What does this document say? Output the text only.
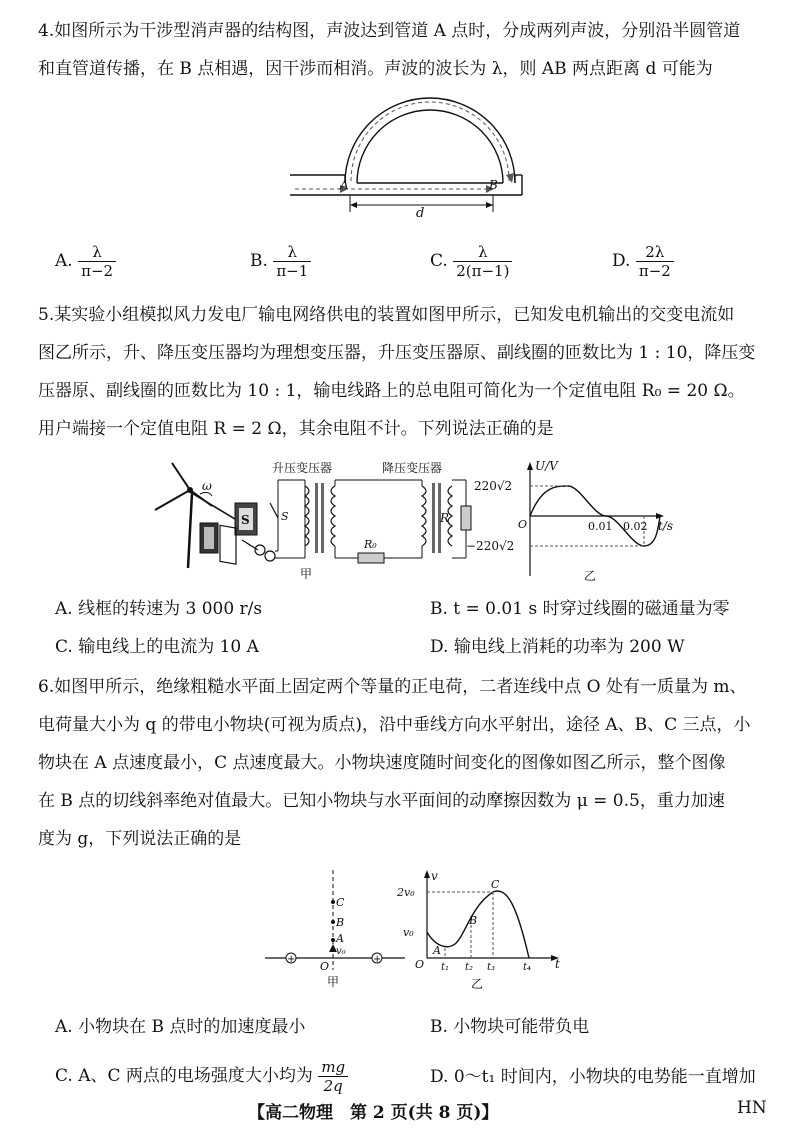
4.如图所示为干涉型消声器的结构图，声波达到管道 A 点时，分成两列声波，分别沿半圆管道
和直管道传播，在 B 点相遇，因干涉而相消。声波的波长为 λ，则 AB 两点距离 d 可能为
A	B
d
A. $\frac{\lambda}{\pi-2}$	B. $\frac{\lambda}{\pi-1}$	C. $\frac{\lambda}{2(\pi-1)}$	D. $\frac{2\lambda}{\pi-2}$
5.某实验小组模拟风力发电厂输电网络供电的装置如图甲所示，已知发电机输出的交变电流如
图乙所示，升、降压变压器均为理想变压器，升压变压器原、副线圈的匝数比为 1 : 10，降压变
压器原、副线圈的匝数比为 10 : 1，输电线路上的总电阻可简化为一个定值电阻 R₀ = 20 Ω。
用户端接一个定值电阻 R = 2 Ω，其余电阻不计。下列说法正确的是
ω
S	S
升压变压器
R₀
降压变压器
R
甲
U/V
t/s
O
220√2
−220√2
0.01 0.02
乙
A. 线框的转速为 3 000 r/s	B. t = 0.01 s 时穿过线圈的磁通量为零
C. 输电线上的电流为 10 A	D. 输电线上消耗的功率为 200 W
6.如图甲所示，绝缘粗糙水平面上固定两个等量的正电荷，二者连线中点 O 处有一质量为 m、
电荷量大小为 q 的带电小物块(可视为质点)，沿中垂线方向水平射出，途径 A、B、C 三点，小
物块在 A 点速度最小，C 点速度最大。小物块速度随时间变化的图像如图乙所示，整个图像
在 B 点的切线斜率绝对值最大。已知小物块与水平面间的动摩擦因数为 μ = 0.5，重力加速
度为 g，下列说法正确的是
+	+
C
B
A
v₀
O
甲
v
t
O
2v₀
v₀
A
B
C
t₁ t₂ t₃	t₄
乙
A. 小物块在 B 点时的加速度最小	B. 小物块可能带负电
C. A、C 两点的电场强度大小均为 $\frac{mg}{2q}$	D. 0～t₁ 时间内，小物块的电势能一直增加
【高二物理　第 2 页(共 8 页)】	HN
